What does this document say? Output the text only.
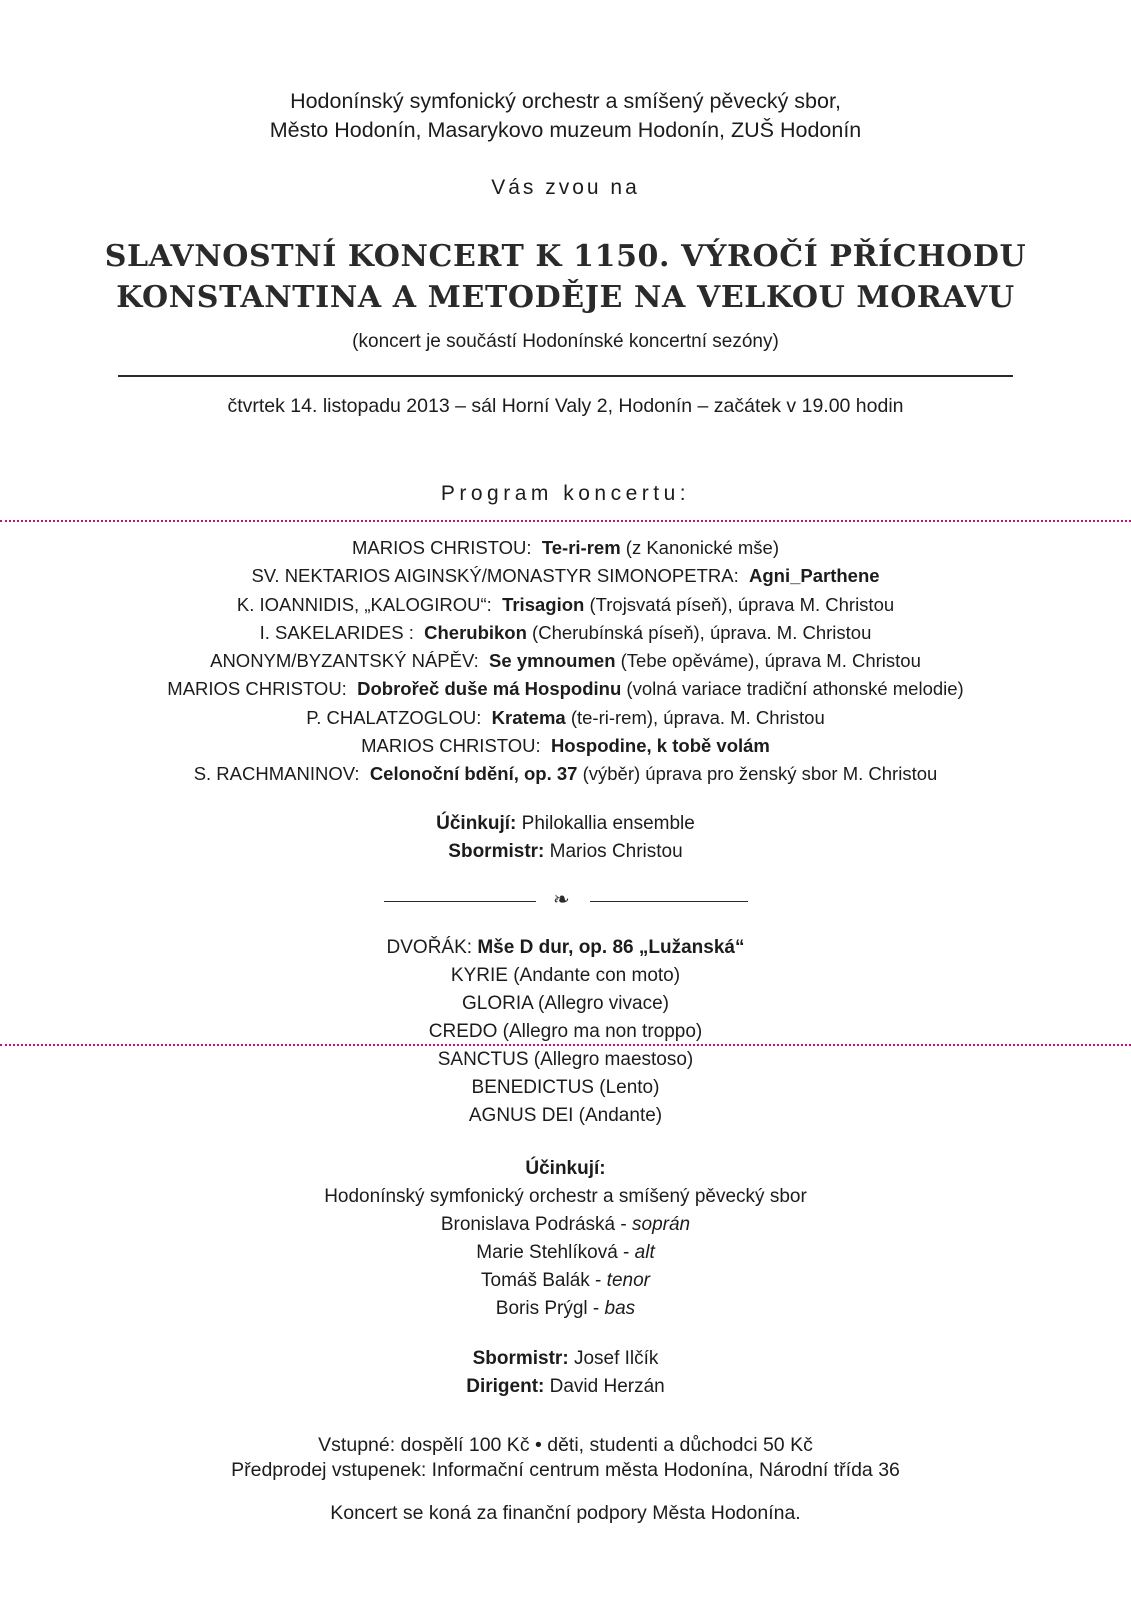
Hodonínský symfonický orchestr a smíšený pěvecký sbor,
Město Hodonín, Masarykovo muzeum Hodonín, ZUŠ Hodonín
Vás zvou na
SLAVNOSTNÍ KONCERT K 1150. VÝROČÍ PŘÍCHODU
KONSTANTINA A METODĚJE NA VELKOU MORAVU
(koncert je součástí Hodonínské koncertní sezóny)
čtvrtek 14. listopadu 2013 – sál Horní Valy 2, Hodonín – začátek v 19.00 hodin
Program koncertu:
MARIOS CHRISTOU: Te-ri-rem (z Kanonické mše)
SV. NEKTARIOS AIGINSKÝ/MONASTYR SIMONOPETRA: Agni_Parthene
K. IOANNIDIS, „KALOGIROU“: Trisagion (Trojsvatá píseň), úprava M. Christou
I. SAKELARIDES : Cherubikon (Cherubínská píseň), úprava. M. Christou
ANONYM/BYZANTSKÝ NÁPĚV: Se ymnoumen (Tebe opěváme), úprava M. Christou
MARIOS CHRISTOU: Dobrořeč duše má Hospodinu (volná variace tradiční athonské melodie)
P. CHALATZOGLOU: Kratema (te-ri-rem), úprava. M. Christou
MARIOS CHRISTOU: Hospodine, k tobě volám
S. RACHMANINOV: Celonoční bdění, op. 37 (výběr) úprava pro ženský sbor M. Christou
Účinkují: Philokallia ensemble
Sbormistr: Marios Christou
❧
DVOŘÁK: Mše D dur, op. 86 „Lužanská“
KYRIE (Andante con moto)
GLORIA (Allegro vivace)
CREDO (Allegro ma non troppo)
SANCTUS (Allegro maestoso)
BENEDICTUS (Lento)
AGNUS DEI (Andante)
Účinkují:
Hodonínský symfonický orchestr a smíšený pěvecký sbor
Bronislava Podráská - soprán
Marie Stehlíková - alt
Tomáš Balák - tenor
Boris Prýgl - bas
Sbormistr: Josef Ilčík
Dirigent: David Herzán
Vstupné: dospělí 100 Kč • děti, studenti a důchodci 50 Kč
Předprodej vstupenek: Informační centrum města Hodonína, Národní třída 36
Koncert se koná za finanční podpory Města Hodonína.
